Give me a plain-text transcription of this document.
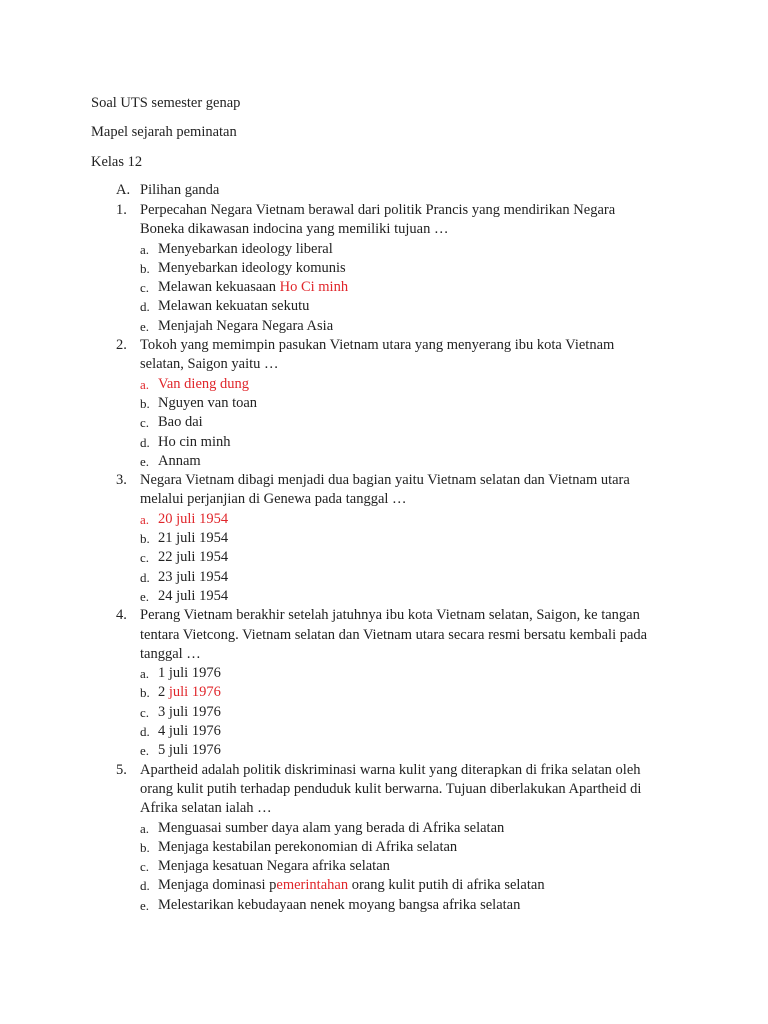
Soal UTS semester genap

Mapel sejarah peminatan

Kelas 12

A. Pilihan ganda
1. Perpecahan Negara Vietnam berawal dari politik Prancis yang mendirikan Negara Boneka dikawasan indocina yang memiliki tujuan …
a. Menyebarkan ideology liberal
b. Menyebarkan ideology komunis
c. Melawan kekuasaan Ho Ci minh
d. Melawan kekuatan sekutu
e. Menjajah Negara Negara Asia
2. Tokoh yang memimpin pasukan Vietnam utara yang menyerang ibu kota Vietnam selatan, Saigon yaitu …
a. Van dieng dung
b. Nguyen van toan
c. Bao dai
d. Ho cin minh
e. Annam
3. Negara Vietnam dibagi menjadi dua bagian yaitu Vietnam selatan dan Vietnam utara melalui perjanjian di Genewa pada tanggal …
a. 20 juli 1954
b. 21 juli 1954
c. 22 juli 1954
d. 23 juli 1954
e. 24 juli 1954
4. Perang Vietnam berakhir setelah jatuhnya ibu kota Vietnam selatan, Saigon, ke tangan tentara Vietcong. Vietnam selatan dan Vietnam utara secara resmi bersatu kembali pada tanggal …
a. 1 juli 1976
b. 2 juli 1976
c. 3 juli 1976
d. 4 juli 1976
e. 5 juli 1976
5. Apartheid adalah politik diskriminasi warna kulit yang diterapkan di frika selatan oleh orang kulit putih terhadap penduduk kulit berwarna. Tujuan diberlakukan Apartheid di Afrika selatan ialah …
a. Menguasai sumber daya alam yang berada di Afrika selatan
b. Menjaga kestabilan perekonomian di Afrika selatan
c. Menjaga kesatuan Negara afrika selatan
d. Menjaga dominasi pemerintahan orang kulit putih di afrika selatan
e. Melestarikan kebudayaan nenek moyang bangsa afrika selatan
